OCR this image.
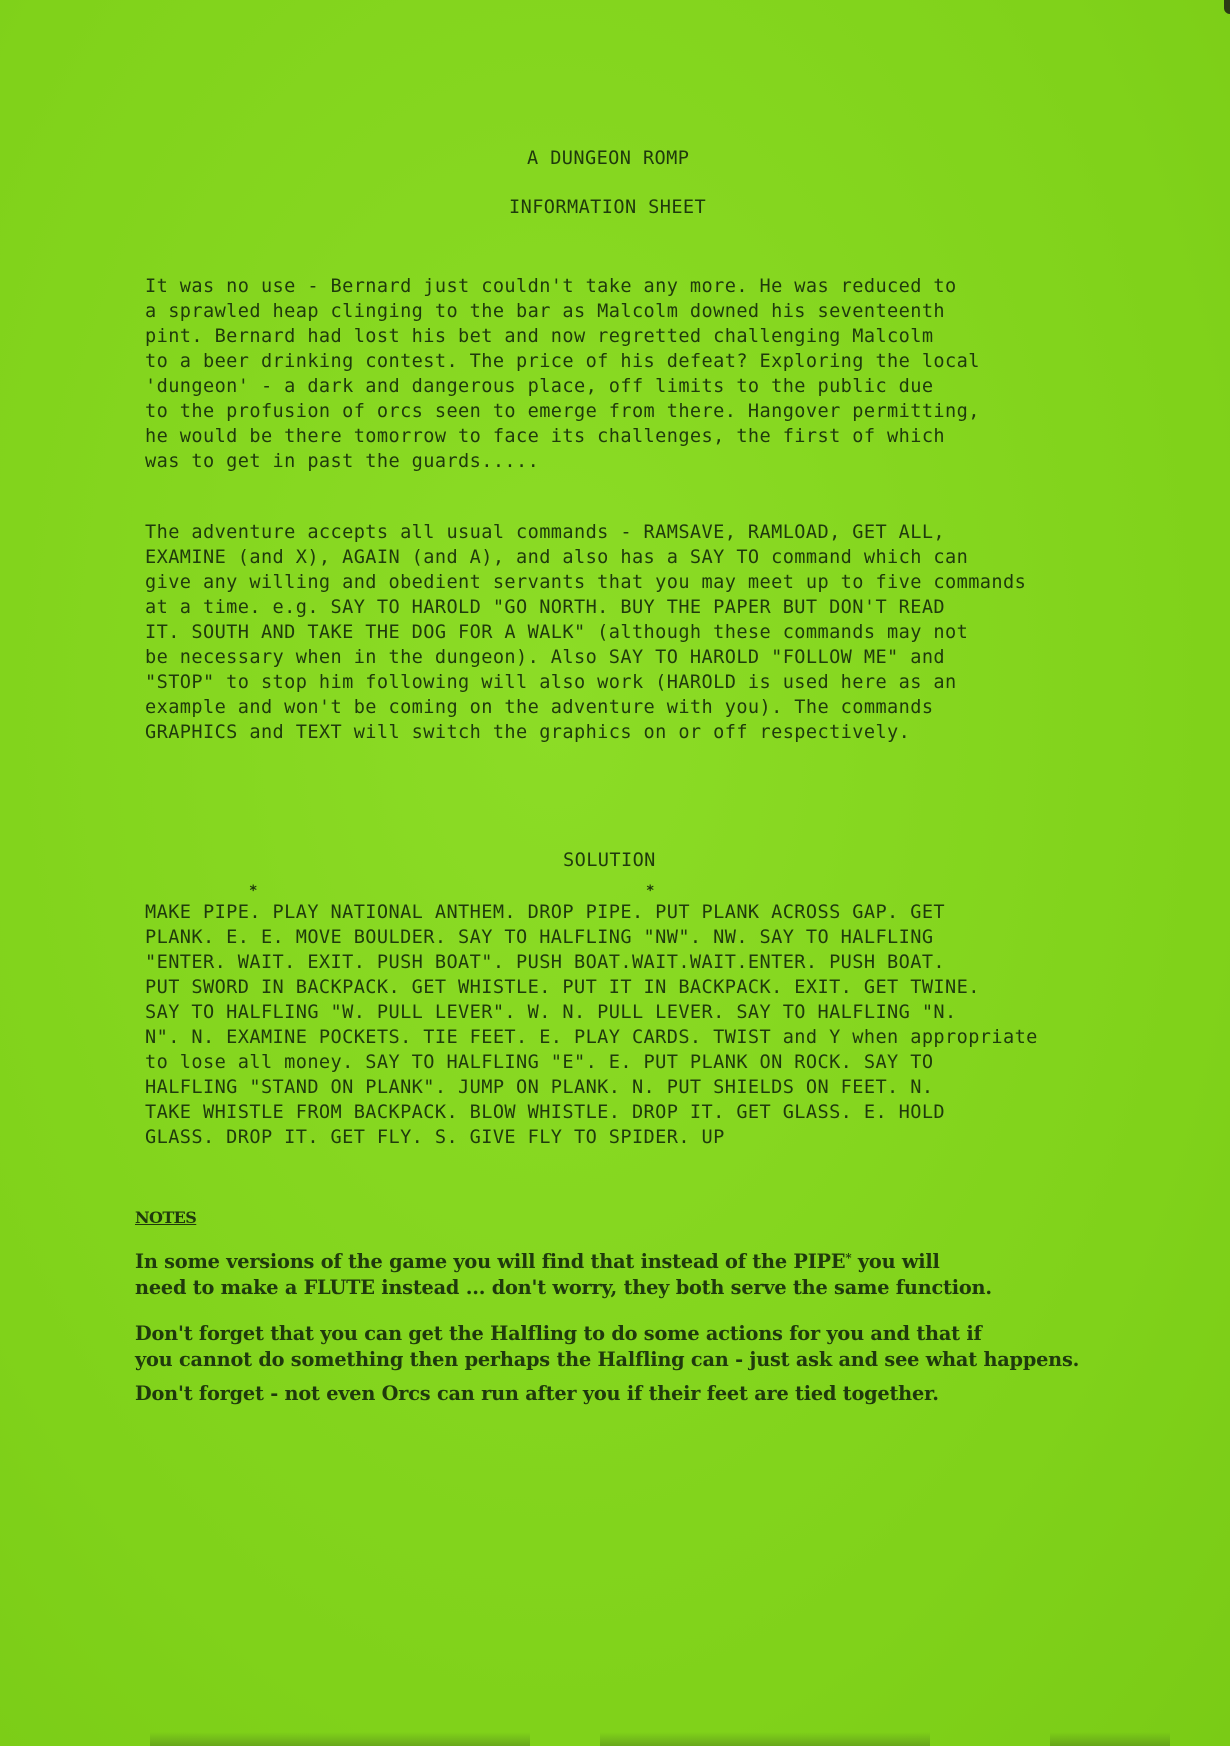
A DUNGEON ROMP
INFORMATION SHEET

It was no use - Bernard just couldn't take any more. He was reduced to
a sprawled heap clinging to the bar as Malcolm downed his seventeenth
pint. Bernard had lost his bet and now regretted challenging Malcolm
to a beer drinking contest. The price of his defeat? Exploring the local
'dungeon' - a dark and dangerous place, off limits to the public due
to the profusion of orcs seen to emerge from there. Hangover permitting,
he would be there tomorrow to face its challenges, the first of which
was to get in past the guards.....

The adventure accepts all usual commands - RAMSAVE, RAMLOAD, GET ALL,
EXAMINE (and X), AGAIN (and A), and also has a SAY TO command which can
give any willing and obedient servants that you may meet up to five commands
at a time. e.g. SAY TO HAROLD "GO NORTH. BUY THE PAPER BUT DON'T READ
IT. SOUTH AND TAKE THE DOG FOR A WALK" (although these commands may not
be necessary when in the dungeon). Also SAY TO HAROLD "FOLLOW ME" and
"STOP" to stop him following will also work (HAROLD is used here as an
example and won't be coming on the adventure with you). The commands
GRAPHICS and TEXT will switch the graphics on or off respectively.

SOLUTION
*	*

MAKE PIPE. PLAY NATIONAL ANTHEM. DROP PIPE. PUT PLANK ACROSS GAP. GET
PLANK. E. E. MOVE BOULDER. SAY TO HALFLING "NW". NW. SAY TO HALFLING
"ENTER. WAIT. EXIT. PUSH BOAT". PUSH BOAT.WAIT.WAIT.ENTER. PUSH BOAT.
PUT SWORD IN BACKPACK. GET WHISTLE. PUT IT IN BACKPACK. EXIT. GET TWINE.
SAY TO HALFLING "W. PULL LEVER". W. N. PULL LEVER. SAY TO HALFLING "N.
N". N. EXAMINE POCKETS. TIE FEET. E. PLAY CARDS. TWIST and Y when appropriate
to lose all money. SAY TO HALFLING "E". E. PUT PLANK ON ROCK. SAY TO
HALFLING "STAND ON PLANK". JUMP ON PLANK. N. PUT SHIELDS ON FEET. N.
TAKE WHISTLE FROM BACKPACK. BLOW WHISTLE. DROP IT. GET GLASS. E. HOLD
GLASS. DROP IT. GET FLY. S. GIVE FLY TO SPIDER. UP

NOTES

In some versions of the game you will find that instead of the PIPE* you will
need to make a FLUTE instead ... don't worry, they both serve the same function.

Don't forget that you can get the Halfling to do some actions for you and that if
you cannot do something then perhaps the Halfling can - just ask and see what happens.

Don't forget - not even Orcs can run after you if their feet are tied together.
